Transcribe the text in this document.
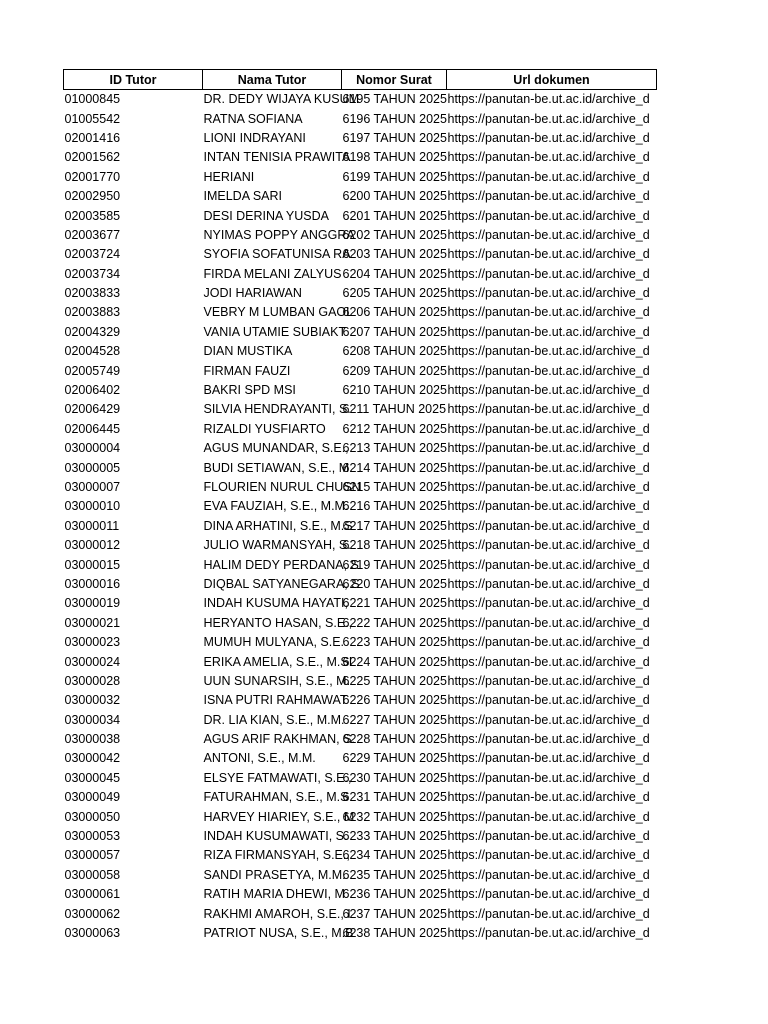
ID Tutor	Nama Tutor	Nomor Surat	Url dokumen
01000845	DR. DEDY WIJAYA KUSUM	6195 TAHUN 2025	https://panutan-be.ut.ac.id/archive_d
01005542	RATNA SOFIANA	6196 TAHUN 2025	https://panutan-be.ut.ac.id/archive_d
02001416	LIONI INDRAYANI	6197 TAHUN 2025	https://panutan-be.ut.ac.id/archive_d
02001562	INTAN TENISIA PRAWITA	6198 TAHUN 2025	https://panutan-be.ut.ac.id/archive_d
02001770	HERIANI	6199 TAHUN 2025	https://panutan-be.ut.ac.id/archive_d
02002950	IMELDA SARI	6200 TAHUN 2025	https://panutan-be.ut.ac.id/archive_d
02003585	DESI DERINA YUSDA	6201 TAHUN 2025	https://panutan-be.ut.ac.id/archive_d
02003677	NYIMAS POPPY ANGGRA	6202 TAHUN 2025	https://panutan-be.ut.ac.id/archive_d
02003724	SYOFIA SOFATUNISA RA	6203 TAHUN 2025	https://panutan-be.ut.ac.id/archive_d
02003734	FIRDA MELANI ZALYUS	6204 TAHUN 2025	https://panutan-be.ut.ac.id/archive_d
02003833	JODI HARIAWAN	6205 TAHUN 2025	https://panutan-be.ut.ac.id/archive_d
02003883	VEBRY M LUMBAN GAOL	6206 TAHUN 2025	https://panutan-be.ut.ac.id/archive_d
02004329	VANIA UTAMIE SUBIAKT	6207 TAHUN 2025	https://panutan-be.ut.ac.id/archive_d
02004528	DIAN MUSTIKA	6208 TAHUN 2025	https://panutan-be.ut.ac.id/archive_d
02005749	FIRMAN FAUZI	6209 TAHUN 2025	https://panutan-be.ut.ac.id/archive_d
02006402	BAKRI SPD MSI	6210 TAHUN 2025	https://panutan-be.ut.ac.id/archive_d
02006429	SILVIA HENDRAYANTI, S.	6211 TAHUN 2025	https://panutan-be.ut.ac.id/archive_d
02006445	RIZALDI YUSFIARTO	6212 TAHUN 2025	https://panutan-be.ut.ac.id/archive_d
03000004	AGUS MUNANDAR, S.E.,	6213 TAHUN 2025	https://panutan-be.ut.ac.id/archive_d
03000005	BUDI SETIAWAN, S.E., M.	6214 TAHUN 2025	https://panutan-be.ut.ac.id/archive_d
03000007	FLOURIEN NURUL CHUSN	6215 TAHUN 2025	https://panutan-be.ut.ac.id/archive_d
03000010	EVA FAUZIAH, S.E., M.M.	6216 TAHUN 2025	https://panutan-be.ut.ac.id/archive_d
03000011	DINA ARHATINI, S.E., M.S	6217 TAHUN 2025	https://panutan-be.ut.ac.id/archive_d
03000012	JULIO WARMANSYAH, S.	6218 TAHUN 2025	https://panutan-be.ut.ac.id/archive_d
03000015	HALIM DEDY PERDANA, S	6219 TAHUN 2025	https://panutan-be.ut.ac.id/archive_d
03000016	DIQBAL SATYANEGARA, S	6220 TAHUN 2025	https://panutan-be.ut.ac.id/archive_d
03000019	INDAH KUSUMA HAYATI,	6221 TAHUN 2025	https://panutan-be.ut.ac.id/archive_d
03000021	HERYANTO HASAN, S.E.,	6222 TAHUN 2025	https://panutan-be.ut.ac.id/archive_d
03000023	MUMUH MULYANA, S.E.	6223 TAHUN 2025	https://panutan-be.ut.ac.id/archive_d
03000024	ERIKA AMELIA, S.E., M.SI	6224 TAHUN 2025	https://panutan-be.ut.ac.id/archive_d
03000028	UUN SUNARSIH, S.E., M.	6225 TAHUN 2025	https://panutan-be.ut.ac.id/archive_d
03000032	ISNA PUTRI RAHMAWAT	6226 TAHUN 2025	https://panutan-be.ut.ac.id/archive_d
03000034	DR. LIA KIAN, S.E., M.M.	6227 TAHUN 2025	https://panutan-be.ut.ac.id/archive_d
03000038	AGUS ARIF RAKHMAN, S.	6228 TAHUN 2025	https://panutan-be.ut.ac.id/archive_d
03000042	ANTONI, S.E., M.M.	6229 TAHUN 2025	https://panutan-be.ut.ac.id/archive_d
03000045	ELSYE FATMAWATI, S.E.,	6230 TAHUN 2025	https://panutan-be.ut.ac.id/archive_d
03000049	FATURAHMAN, S.E., M.S	6231 TAHUN 2025	https://panutan-be.ut.ac.id/archive_d
03000050	HARVEY HIARIEY, S.E., M	6232 TAHUN 2025	https://panutan-be.ut.ac.id/archive_d
03000053	INDAH KUSUMAWATI, S.	6233 TAHUN 2025	https://panutan-be.ut.ac.id/archive_d
03000057	RIZA FIRMANSYAH, S.E.,	6234 TAHUN 2025	https://panutan-be.ut.ac.id/archive_d
03000058	SANDI PRASETYA, M.M.	6235 TAHUN 2025	https://panutan-be.ut.ac.id/archive_d
03000061	RATIH MARIA DHEWI, M	6236 TAHUN 2025	https://panutan-be.ut.ac.id/archive_d
03000062	RAKHMI AMAROH, S.E., I	6237 TAHUN 2025	https://panutan-be.ut.ac.id/archive_d
03000063	PATRIOT NUSA, S.E., M.B	6238 TAHUN 2025	https://panutan-be.ut.ac.id/archive_d
